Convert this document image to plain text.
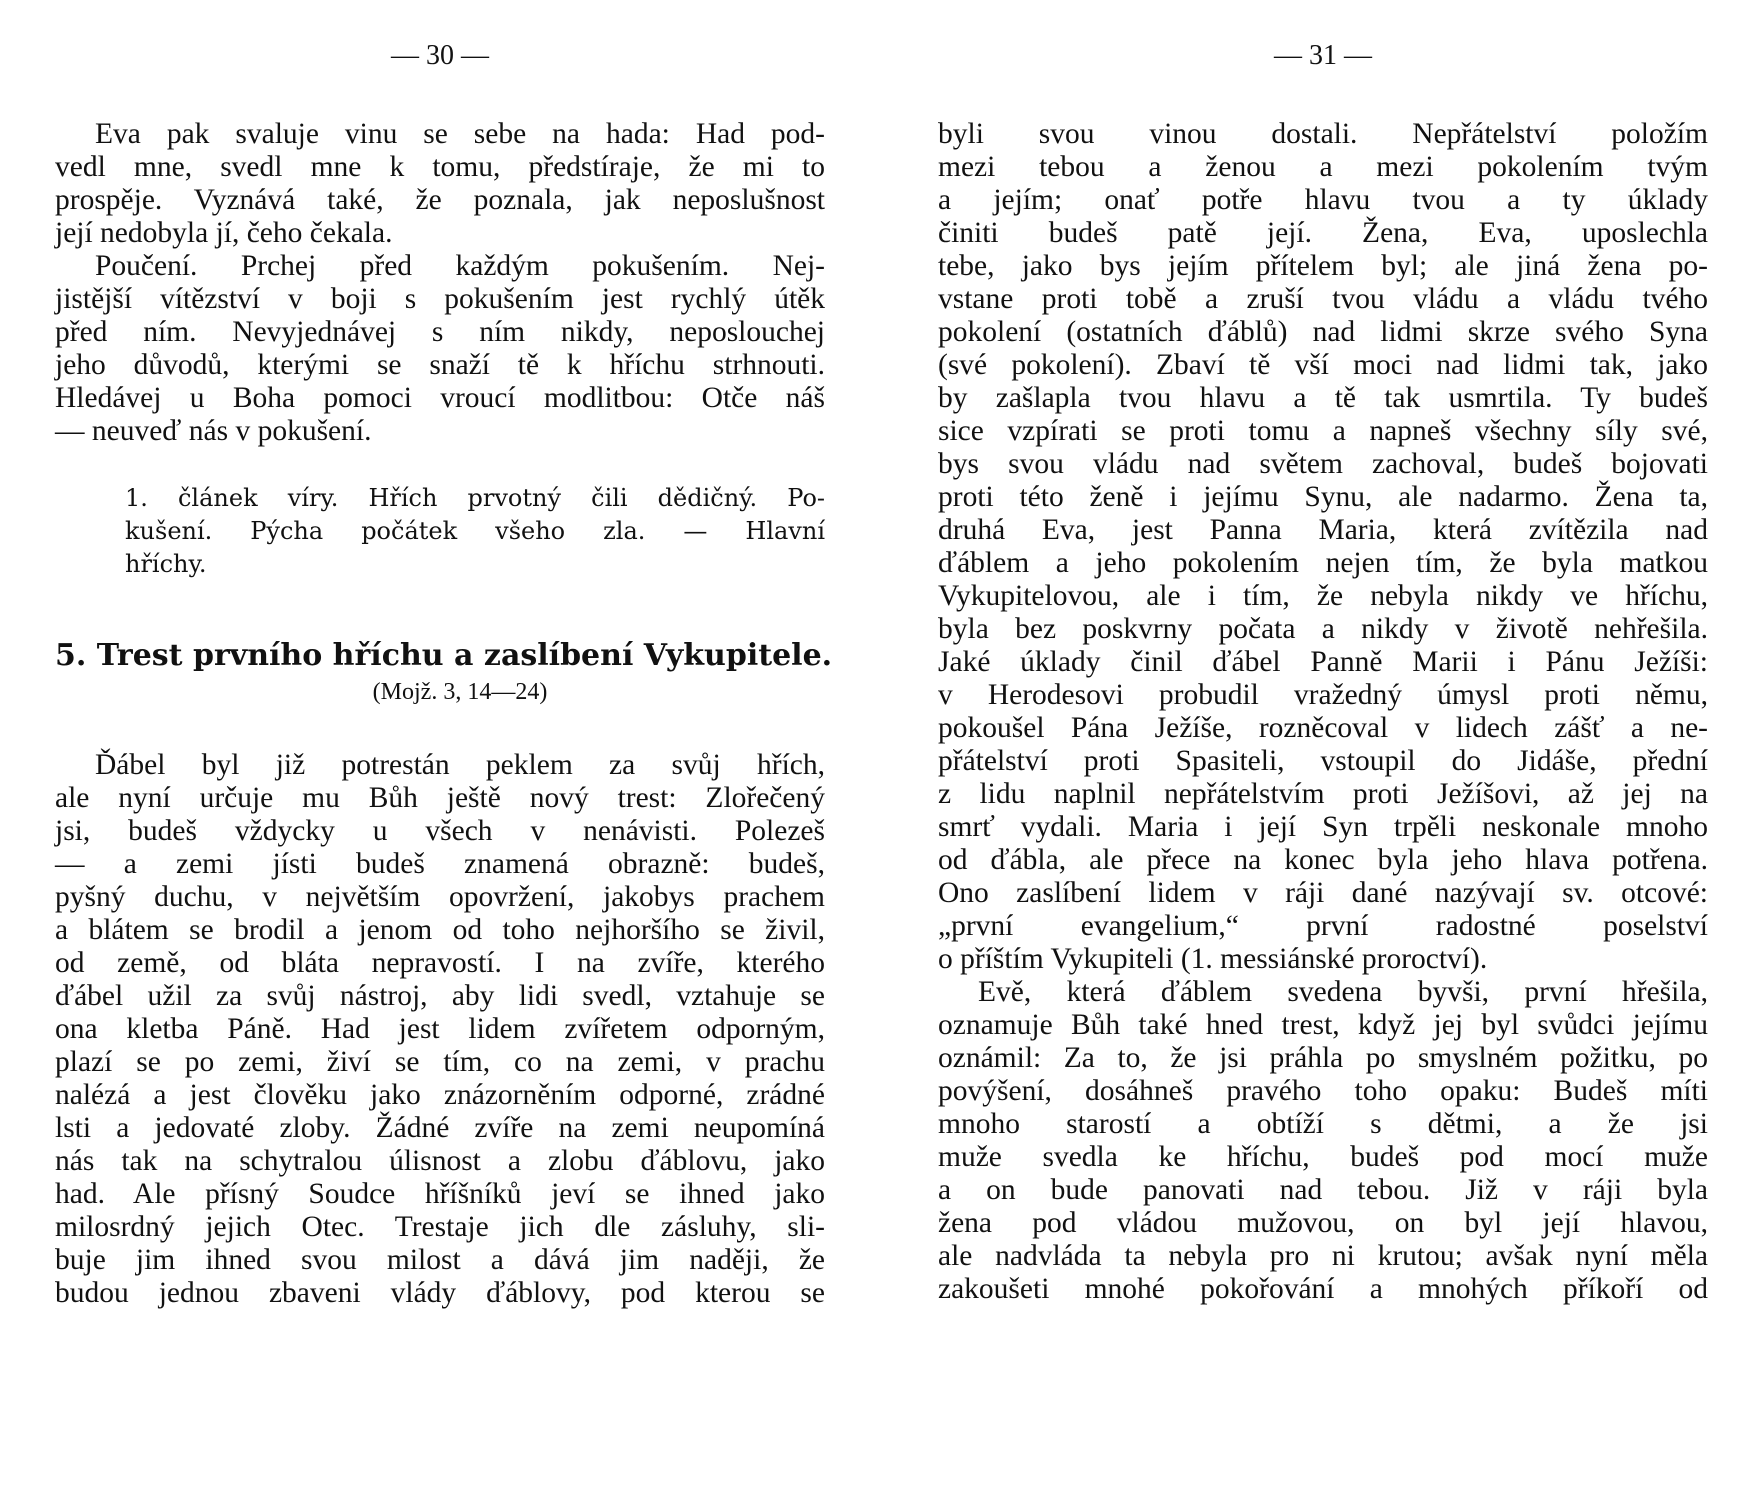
— 30 —
Eva pak svaluje vinu se sebe na hada: Had pod-
vedl mne, svedl mne k tomu, předstíraje, že mi to
prospěje. Vyznává také, že poznala, jak neposlušnost
její nedobyla jí, čeho čekala.
Poučení. Prchej před každým pokušením. Nej-
jistější vítězství v boji s pokušením jest rychlý útěk
před ním. Nevyjednávej s ním nikdy, neposlouchej
jeho důvodů, kterými se snaží tě k hříchu strhnouti.
Hledávej u Boha pomoci vroucí modlitbou: Otče náš
— neuveď nás v pokušení.
1. článek víry. Hřích prvotný čili dědičný. Po-
kušení. Pýcha počátek všeho zla. — Hlavní
hříchy.
5. Trest prvního hříchu a zaslíbení Vykupitele.
(Mojž. 3, 14—24)
Ďábel byl již potrestán peklem za svůj hřích,
ale nyní určuje mu Bůh ještě nový trest: Zlořečený
jsi, budeš vždycky u všech v nenávisti. Polezeš
— a zemi jísti budeš znamená obrazně: budeš,
pyšný duchu, v největším opovržení, jakobys prachem
a blátem se brodil a jenom od toho nejhoršího se živil,
od země, od bláta nepravostí. I na zvíře, kterého
ďábel užil za svůj nástroj, aby lidi svedl, vztahuje se
ona kletba Páně. Had jest lidem zvířetem odporným,
plazí se po zemi, živí se tím, co na zemi, v prachu
nalézá a jest člověku jako znázorněním odporné, zrádné
lsti a jedovaté zloby. Žádné zvíře na zemi neupomíná
nás tak na schytralou úlisnost a zlobu ďáblovu, jako
had. Ale přísný Soudce hříšníků jeví se ihned jako
milosrdný jejich Otec. Trestaje jich dle zásluhy, sli-
buje jim ihned svou milost a dává jim naději, že
budou jednou zbaveni vlády ďáblovy, pod kterou se
— 31 —
byli svou vinou dostali. Nepřátelství položím
mezi tebou a ženou a mezi pokolením tvým
a jejím; onať potře hlavu tvou a ty úklady
činiti budeš patě její. Žena, Eva, uposlechla
tebe, jako bys jejím přítelem byl; ale jiná žena po-
vstane proti tobě a zruší tvou vládu a vládu tvého
pokolení (ostatních ďáblů) nad lidmi skrze svého Syna
(své pokolení). Zbaví tě vší moci nad lidmi tak, jako
by zašlapla tvou hlavu a tě tak usmrtila. Ty budeš
sice vzpírati se proti tomu a napneš všechny síly své,
bys svou vládu nad světem zachoval, budeš bojovati
proti této ženě i jejímu Synu, ale nadarmo. Žena ta,
druhá Eva, jest Panna Maria, která zvítězila nad
ďáblem a jeho pokolením nejen tím, že byla matkou
Vykupitelovou, ale i tím, že nebyla nikdy ve hříchu,
byla bez poskvrny počata a nikdy v životě nehřešila.
Jaké úklady činil ďábel Panně Marii i Pánu Ježíši:
v Herodesovi probudil vražedný úmysl proti němu,
pokoušel Pána Ježíše, rozněcoval v lidech zášť a ne-
přátelství proti Spasiteli, vstoupil do Jidáše, přední
z lidu naplnil nepřátelstvím proti Ježíšovi, až jej na
smrť vydali. Maria i její Syn trpěli neskonale mnoho
od ďábla, ale přece na konec byla jeho hlava potřena.
Ono zaslíbení lidem v ráji dané nazývají sv. otcové:
„první evangelium,“ první radostné poselství
o příštím Vykupiteli (1. messiánské proroctví).
Evě, která ďáblem svedena byvši, první hřešila,
oznamuje Bůh také hned trest, když jej byl svůdci jejímu
oznámil: Za to, že jsi práhla po smyslném požitku, po
povýšení, dosáhneš pravého toho opaku: Budeš míti
mnoho starostí a obtíží s dětmi, a že jsi
muže svedla ke hříchu, budeš pod mocí muže
a on bude panovati nad tebou. Již v ráji byla
žena pod vládou mužovou, on byl její hlavou,
ale nadvláda ta nebyla pro ni krutou; avšak nyní měla
zakoušeti mnohé pokořování a mnohých příkoří od
